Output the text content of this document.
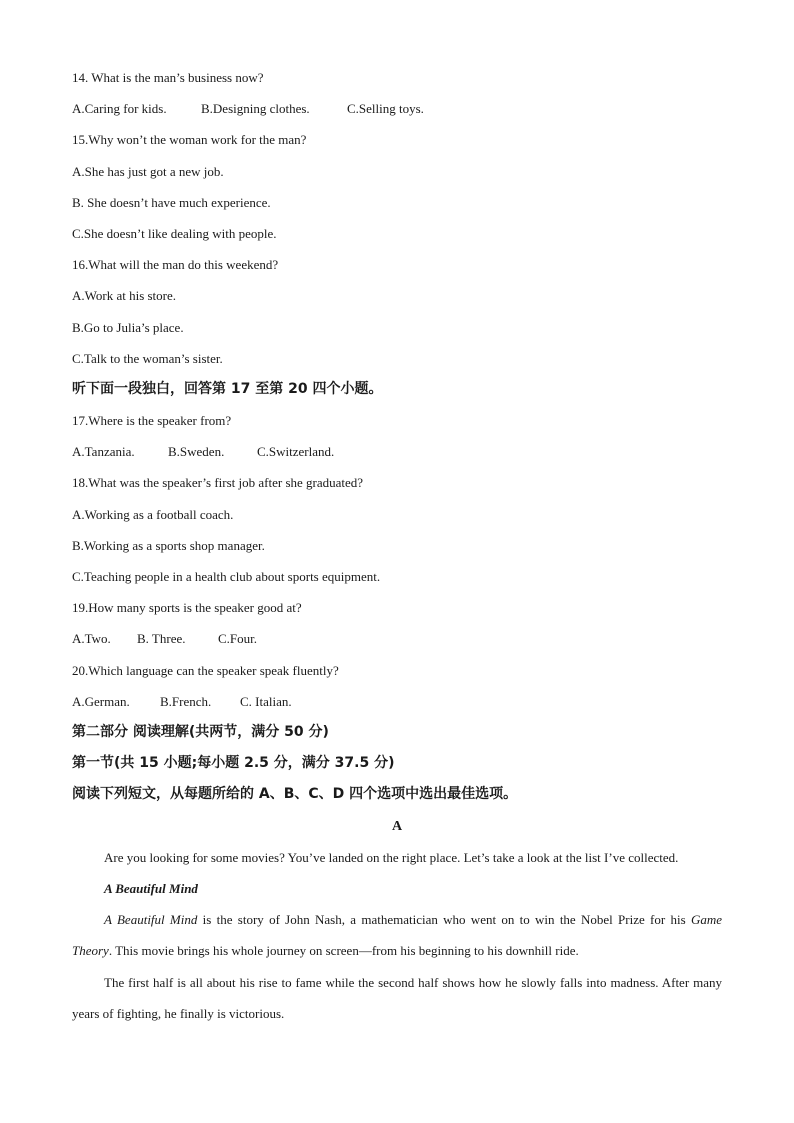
14. What is the man’s business now?
A.Caring for kids.	B.Designing clothes.	C.Selling toys.
15.Why won’t the woman work for the man?
A.She has just got a new job.
B. She doesn’t have much experience.
C.She doesn’t like dealing with people.
16.What will the man do this weekend?
A.Work at his store.
B.Go to Julia’s place.
C.Talk to the woman’s sister.
听下面一段独白，回答第 17 至第 20 四个小题。
17.Where is the speaker from?
A.Tanzania.	B.Sweden.	C.Switzerland.
18.What was the speaker’s first job after she graduated?
A.Working as a football coach.
B.Working as a sports shop manager.
C.Teaching people in a health club about sports equipment.
19.How many sports is the speaker good at?
A.Two. B. Three.	C.Four.
20.Which language can the speaker speak fluently?
A.German. B.French. C. Italian.
第二部分 阅读理解(共两节，满分 50 分)
第一节(共 15 小题;每小题 2.5 分，满分 37.5 分)
阅读下列短文，从每题所给的 A、B、C、D 四个选项中选出最佳选项。
A
Are you looking for some movies? You’ve landed on the right place. Let’s take a look at the list I’ve collected.
A Beautiful Mind
A Beautiful Mind is the story of John Nash, a mathematician who went on to win the Nobel Prize for his Game Theory. This movie brings his whole journey on screen—from his beginning to his downhill ride.
The first half is all about his rise to fame while the second half shows how he slowly falls into madness. After many years of fighting, he finally is victorious.
